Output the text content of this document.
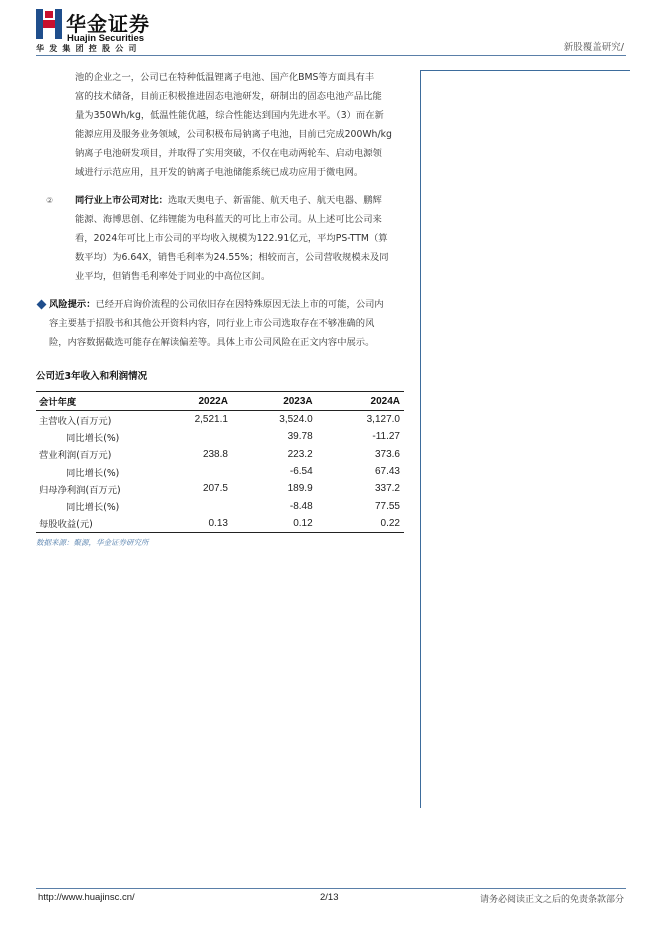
华金证券
Huajin Securities
华发集团控股公司	新股覆盖研究/
池的企业之一，公司已在特种低温锂离子电池、国产化BMS等方面具有丰
富的技术储备，目前正积极推进固态电池研发，研制出的固态电池产品比能
量为350Wh/kg，低温性能优越，综合性能达到国内先进水平。（3）而在新
能源应用及服务业务领域，公司积极布局钠离子电池，目前已完成200Wh/kg
钠离子电池研发项目，并取得了实用突破，不仅在电动两轮车、启动电源领
域进行示范应用，且开发的钠离子电池储能系统已成功应用于微电网。
② 同行业上市公司对比：选取天奥电子、新雷能、航天电子、航天电器、鹏辉
能源、海博思创、亿纬锂能为电科蓝天的可比上市公司。从上述可比公司来
看，2024年可比上市公司的平均收入规模为122.91亿元，平均PS-TTM（算
数平均）为6.64X，销售毛利率为24.55%；相较而言，公司营收规模未及同
业平均，但销售毛利率处于同业的中高位区间。
风险提示：已经开启询价流程的公司依旧存在因特殊原因无法上市的可能，公司内
容主要基于招股书和其他公开资料内容，同行业上市公司选取存在不够准确的风
险，内容数据截选可能存在解读偏差等。具体上市公司风险在正文内容中展示。
公司近3年收入和利润情况
会计年度	2022A	2023A	2024A
主营收入(百万元)	2,521.1	3,524.0	3,127.0
同比增长(%)		39.78	-11.27
营业利润(百万元)	238.8	223.2	373.6
同比增长(%)		-6.54	67.43
归母净利润(百万元)	207.5	189.9	337.2
同比增长(%)		-8.48	77.55
每股收益(元)	0.13	0.12	0.22
数据来源：聚源，华金证券研究所
http://www.huajinsc.cn/	2/13	请务必阅读正文之后的免责条款部分
